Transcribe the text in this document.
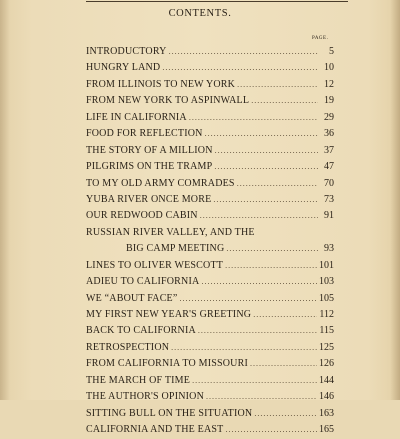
CONTENTS.
PAGE.
INTRODUCTORY .....	5
HUNGRY LAND .....	10
FROM ILLINOIS TO NEW YORK .....	12
FROM NEW YORK TO ASPINWALL .....	19
LIFE IN CALIFORNIA .....	29
FOOD FOR REFLECTION .....	36
THE STORY OF A MILLION .....	37
PILGRIMS ON THE TRAMP .....	47
TO MY OLD ARMY COMRADES .....	70
YUBA RIVER ONCE MORE .....	73
OUR REDWOOD CABIN .....	91
RUSSIAN RIVER VALLEY, AND THE
BIG CAMP MEETING .....	93
LINES TO OLIVER WESCOTT .....	101
ADIEU TO CALIFORNIA .....	103
WE “ABOUT FACE” .....	105
MY FIRST NEW YEAR'S GREETING .....	112
BACK TO CALIFORNIA .....	115
RETROSPECTION .....	125
FROM CALIFORNIA TO MISSOURI .....	126
THE MARCH OF TIME .....	144
THE AUTHOR'S OPINION .....	146
SITTING BULL ON THE SITUATION .....	163
CALIFORNIA AND THE EAST .....	165
